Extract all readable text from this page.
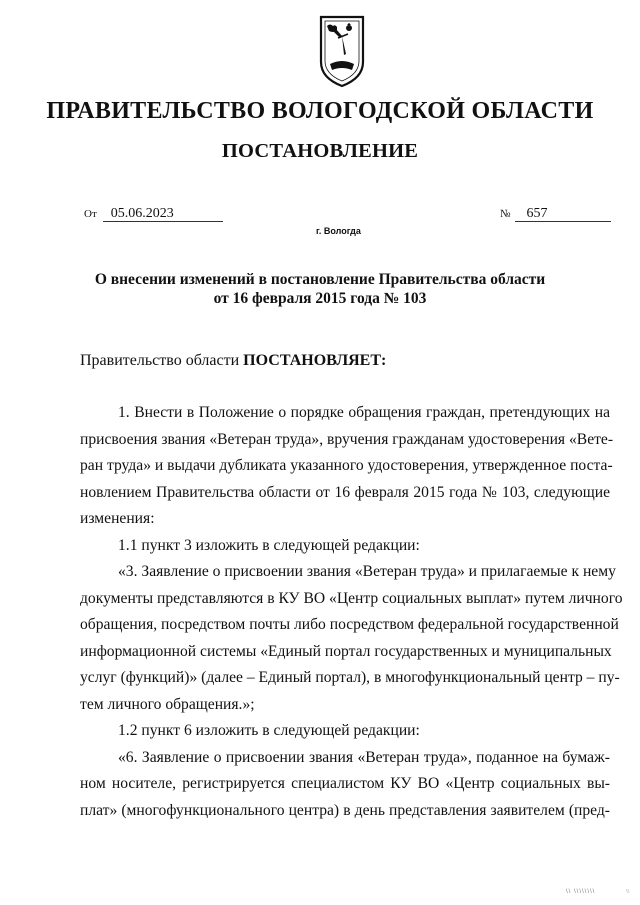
ПРАВИТЕЛЬСТВО ВОЛОГОДСКОЙ ОБЛАСТИ
ПОСТАНОВЛЕНИЕ
От 05.06.2023	№ 657
г. Вологда
О внесении изменений в постановление Правительства области
от 16 февраля 2015 года № 103
Правительство области ПОСТАНОВЛЯЕТ:
1. Внести в Положение о порядке обращения граждан, претендующих на
присвоения звания «Ветеран труда», вручения гражданам удостоверения «Вете-
ран труда» и выдачи дубликата указанного удостоверения, утвержденное поста-
новлением Правительства области от 16 февраля 2015 года № 103, следующие
изменения:
1.1 пункт 3 изложить в следующей редакции:
«3. Заявление о присвоении звания «Ветеран труда» и прилагаемые к нему
документы представляются в КУ ВО «Центр социальных выплат» путем личного
обращения, посредством почты либо посредством федеральной государственной
информационной системы «Единый портал государственных и муниципальных
услуг (функций)» (далее – Единый портал), в многофункциональный центр – пу-
тем личного обращения.»;
1.2 пункт 6 изложить в следующей редакции:
«6. Заявление о присвоении звания «Ветеран труда», поданное на бумаж-
ном носителе, регистрируется специалистом КУ ВО «Центр социальных вы-
плат» (многофункционального центра) в день представления заявителем (пред-
\\ \\\\\\\\	\\
